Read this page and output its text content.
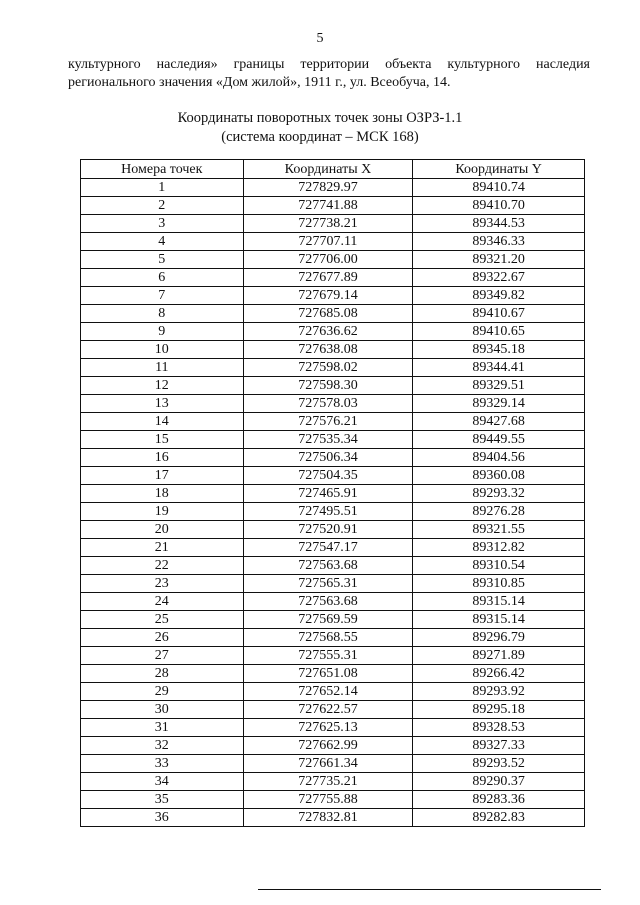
5
культурного наследия» границы территории объекта культурного наследия
регионального значения «Дом жилой», 1911 г., ул. Всеобуча, 14.
Координаты поворотных точек зоны ОЗРЗ-1.1
(система координат – МСК 168)
Номера точек	Координаты X	Координаты Y
1	727829.97	89410.74
2	727741.88	89410.70
3	727738.21	89344.53
4	727707.11	89346.33
5	727706.00	89321.20
6	727677.89	89322.67
7	727679.14	89349.82
8	727685.08	89410.67
9	727636.62	89410.65
10	727638.08	89345.18
11	727598.02	89344.41
12	727598.30	89329.51
13	727578.03	89329.14
14	727576.21	89427.68
15	727535.34	89449.55
16	727506.34	89404.56
17	727504.35	89360.08
18	727465.91	89293.32
19	727495.51	89276.28
20	727520.91	89321.55
21	727547.17	89312.82
22	727563.68	89310.54
23	727565.31	89310.85
24	727563.68	89315.14
25	727569.59	89315.14
26	727568.55	89296.79
27	727555.31	89271.89
28	727651.08	89266.42
29	727652.14	89293.92
30	727622.57	89295.18
31	727625.13	89328.53
32	727662.99	89327.33
33	727661.34	89293.52
34	727735.21	89290.37
35	727755.88	89283.36
36	727832.81	89282.83
